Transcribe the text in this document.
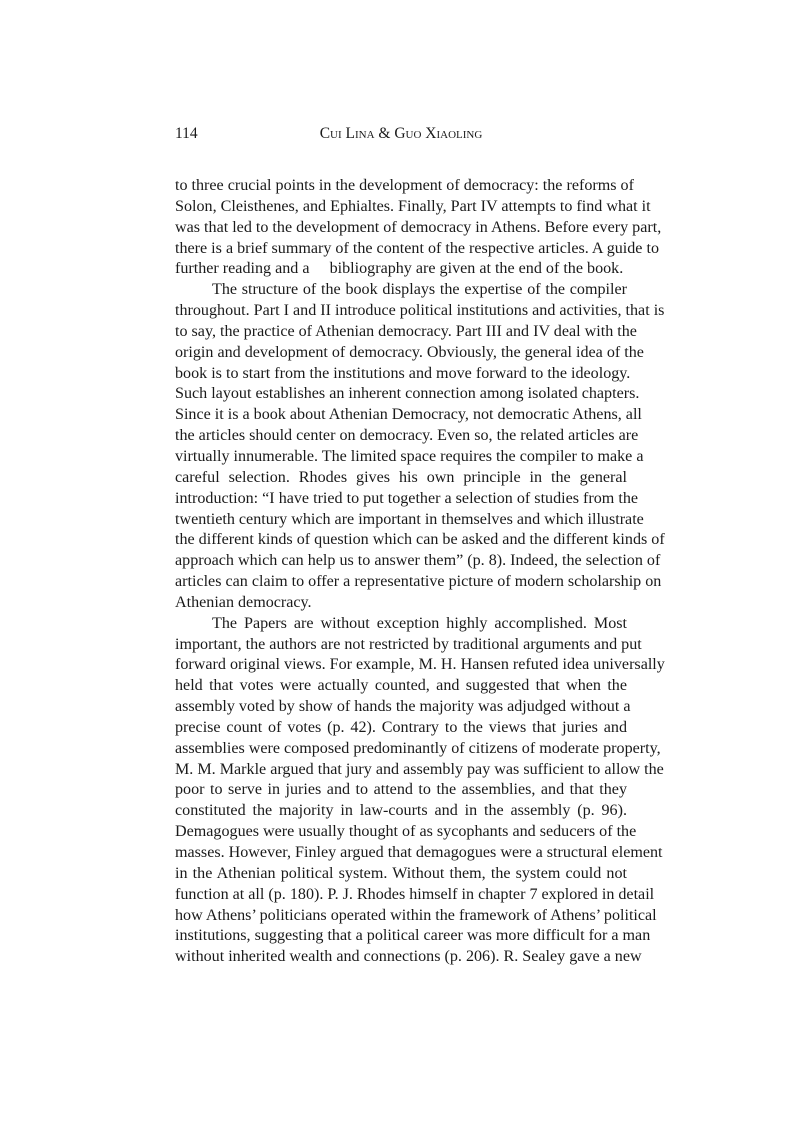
114	Cui Lina & Guo Xiaoling
to three crucial points in the development of democracy: the reforms of
Solon, Cleisthenes, and Ephialtes. Finally, Part IV attempts to find what it
was that led to the development of democracy in Athens. Before every part,
there is a brief summary of the content of the respective articles. A guide to
further reading and a     bibliography are given at the end of the book.
The structure of the book displays the expertise of the compiler
throughout. Part I and II introduce political institutions and activities, that is
to say, the practice of Athenian democracy. Part III and IV deal with the
origin and development of democracy. Obviously, the general idea of the
book is to start from the institutions and move forward to the ideology.
Such layout establishes an inherent connection among isolated chapters.
Since it is a book about Athenian Democracy, not democratic Athens, all
the articles should center on democracy. Even so, the related articles are
virtually innumerable. The limited space requires the compiler to make a
careful selection. Rhodes gives his own principle in the general
introduction: “I have tried to put together a selection of studies from the
twentieth century which are important in themselves and which illustrate
the different kinds of question which can be asked and the different kinds of
approach which can help us to answer them” (p. 8). Indeed, the selection of
articles can claim to offer a representative picture of modern scholarship on
Athenian democracy.
The Papers are without exception highly accomplished. Most
important, the authors are not restricted by traditional arguments and put
forward original views. For example, M. H. Hansen refuted idea universally
held that votes were actually counted, and suggested that when the
assembly voted by show of hands the majority was adjudged without a
precise count of votes (p. 42). Contrary to the views that juries and
assemblies were composed predominantly of citizens of moderate property,
M. M. Markle argued that jury and assembly pay was sufficient to allow the
poor to serve in juries and to attend to the assemblies, and that they
constituted the majority in law-courts and in the assembly (p. 96).
Demagogues were usually thought of as sycophants and seducers of the
masses. However, Finley argued that demagogues were a structural element
in the Athenian political system. Without them, the system could not
function at all (p. 180). P. J. Rhodes himself in chapter 7 explored in detail
how Athens’ politicians operated within the framework of Athens’ political
institutions, suggesting that a political career was more difficult for a man
without inherited wealth and connections (p. 206). R. Sealey gave a new
